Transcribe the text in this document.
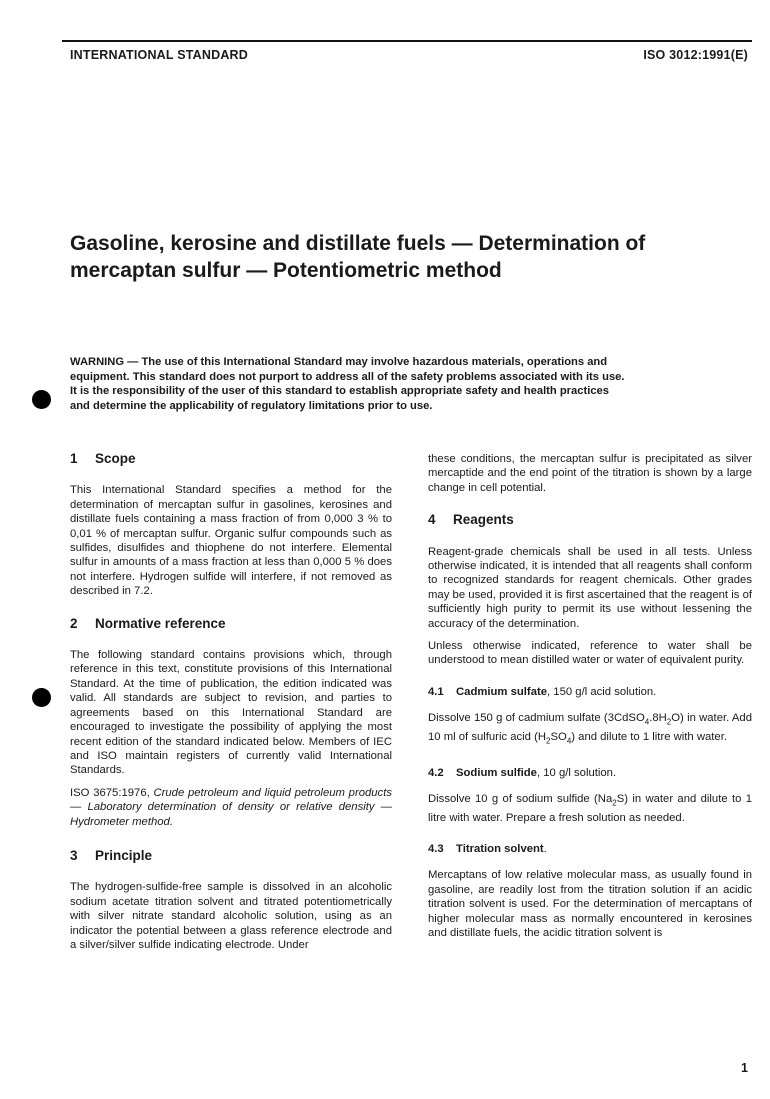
INTERNATIONAL STANDARD	ISO 3012:1991(E)
Gasoline, kerosine and distillate fuels — Determination of
mercaptan sulfur — Potentiometric method
WARNING — The use of this International Standard may involve hazardous materials, operations and
equipment. This standard does not purport to address all of the safety problems associated with its use.
It is the responsibility of the user of this standard to establish appropriate safety and health practices
and determine the applicability of regulatory limitations prior to use.
1	Scope

This International Standard specifies a method for the determination of mercaptan sulfur in gasolines, kerosines and distillate fuels containing a mass fraction of from 0,000 3 % to 0,01 % of mercaptan sulfur. Organic sulfur compounds such as sulfides, disulfides and thiophene do not interfere. Elemental sulfur in amounts of a mass fraction at less than 0,000 5 % does not interfere. Hydrogen sulfide will interfere, if not removed as described in 7.2.

2	Normative reference

The following standard contains provisions which, through reference in this text, constitute provisions of this International Standard. At the time of publication, the edition indicated was valid. All standards are subject to revision, and parties to agreements based on this International Standard are encouraged to investigate the possibility of applying the most recent edition of the standard indicated below. Members of IEC and ISO maintain registers of currently valid International Standards.

ISO 3675:1976, Crude petroleum and liquid petroleum products — Laboratory determination of density or relative density — Hydrometer method.

3	Principle

The hydrogen-sulfide-free sample is dissolved in an alcoholic sodium acetate titration solvent and titrated potentiometrically with silver nitrate standard alcoholic solution, using as an indicator the potential between a glass reference electrode and a silver/silver sulfide indicating electrode. Under

these conditions, the mercaptan sulfur is precipitated as silver mercaptide and the end point of the titration is shown by a large change in cell potential.

4	Reagents

Reagent-grade chemicals shall be used in all tests. Unless otherwise indicated, it is intended that all reagents shall conform to recognized standards for reagent chemicals. Other grades may be used, provided it is first ascertained that the reagent is of sufficiently high purity to permit its use without lessening the accuracy of the determination.

Unless otherwise indicated, reference to water shall be understood to mean distilled water or water of equivalent purity.

4.1 Cadmium sulfate, 150 g/l acid solution.

Dissolve 150 g of cadmium sulfate $(3CdSO_4.8H_2O)$ in water. Add 10 ml of sulfuric acid $(H_2SO_4)$ and dilute to 1 litre with water.

4.2 Sodium sulfide, 10 g/l solution.

Dissolve 10 g of sodium sulfide $(Na_2S)$ in water and dilute to 1 litre with water. Prepare a fresh solution as needed.

4.3 Titration solvent.

Mercaptans of low relative molecular mass, as usually found in gasoline, are readily lost from the titration solution if an acidic titration solvent is used. For the determination of mercaptans of higher molecular mass as normally encountered in kerosines and distillate fuels, the acidic titration solvent is

1
